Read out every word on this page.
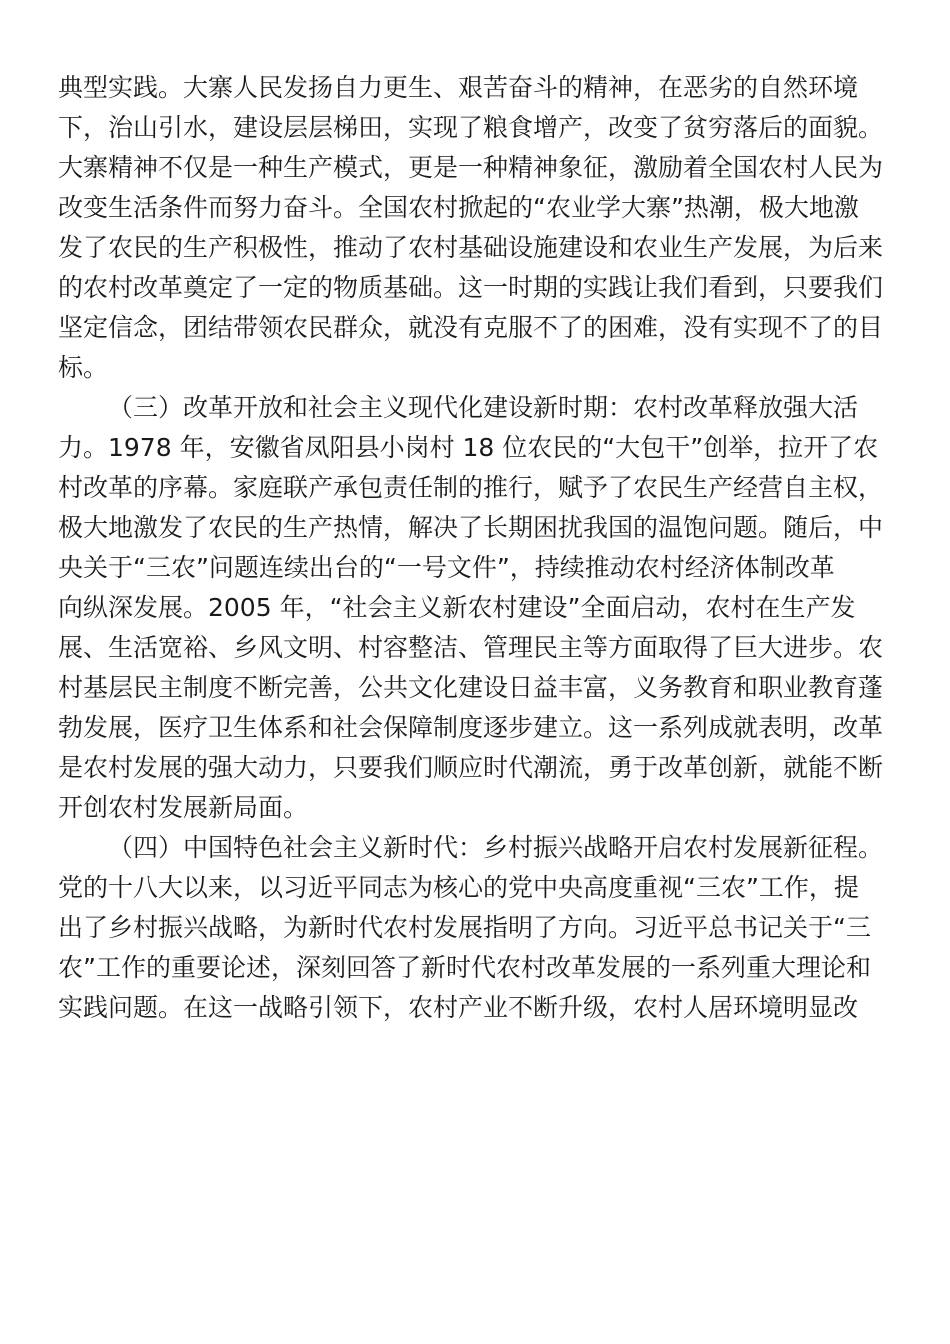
典型实践。大寨人民发扬自力更生、艰苦奋斗的精神，在恶劣的自然环境
下，治山引水，建设层层梯田，实现了粮食增产，改变了贫穷落后的面貌。
大寨精神不仅是一种生产模式，更是一种精神象征，激励着全国农村人民为
改变生活条件而努力奋斗。全国农村掀起的“农业学大寨”热潮，极大地激
发了农民的生产积极性，推动了农村基础设施建设和农业生产发展，为后来
的农村改革奠定了一定的物质基础。这一时期的实践让我们看到，只要我们
坚定信念，团结带领农民群众，就没有克服不了的困难，没有实现不了的目
标。
（三）改革开放和社会主义现代化建设新时期：农村改革释放强大活
力。1978 年，安徽省凤阳县小岗村 18 位农民的“大包干”创举，拉开了农
村改革的序幕。家庭联产承包责任制的推行，赋予了农民生产经营自主权，
极大地激发了农民的生产热情，解决了长期困扰我国的温饱问题。随后，中
央关于“三农”问题连续出台的“一号文件”，持续推动农村经济体制改革
向纵深发展。2005 年，“社会主义新农村建设”全面启动，农村在生产发
展、生活宽裕、乡风文明、村容整洁、管理民主等方面取得了巨大进步。农
村基层民主制度不断完善，公共文化建设日益丰富，义务教育和职业教育蓬
勃发展，医疗卫生体系和社会保障制度逐步建立。这一系列成就表明，改革
是农村发展的强大动力，只要我们顺应时代潮流，勇于改革创新，就能不断
开创农村发展新局面。
（四）中国特色社会主义新时代：乡村振兴战略开启农村发展新征程。
党的十八大以来，以习近平同志为核心的党中央高度重视“三农”工作，提
出了乡村振兴战略，为新时代农村发展指明了方向。习近平总书记关于“三
农”工作的重要论述，深刻回答了新时代农村改革发展的一系列重大理论和
实践问题。在这一战略引领下，农村产业不断升级，农村人居环境明显改
